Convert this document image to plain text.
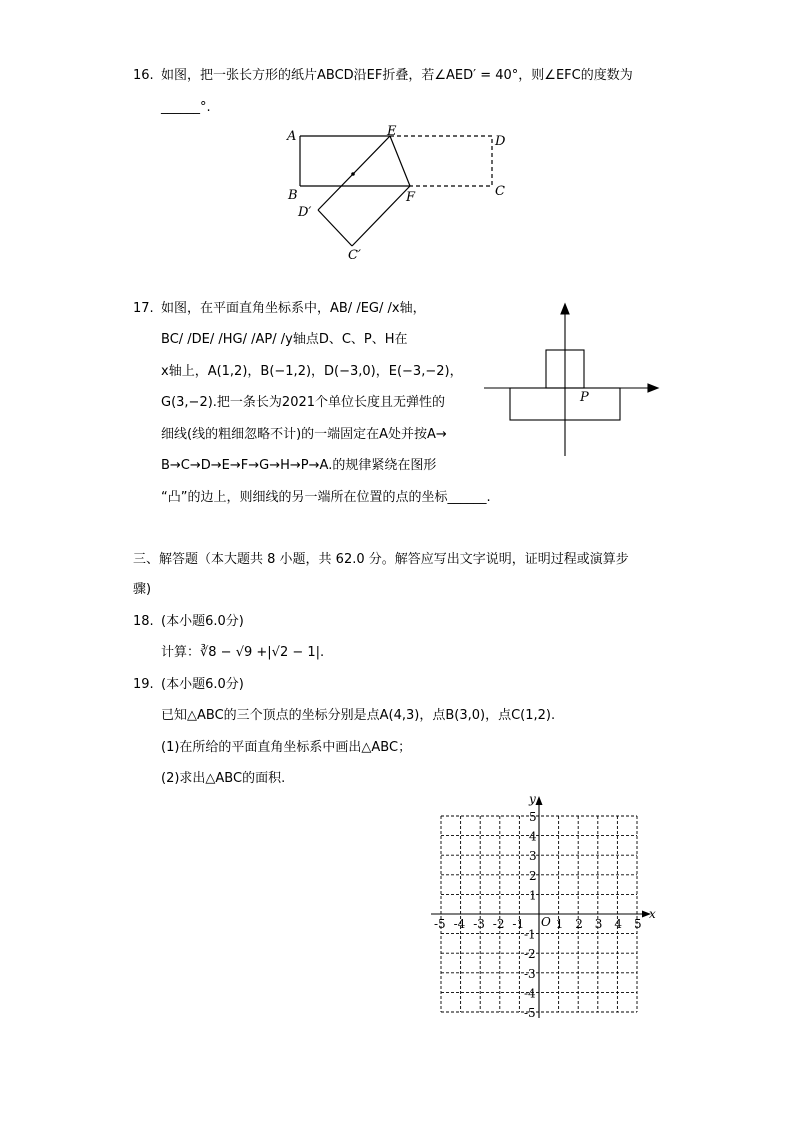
16. 如图，把一张长方形的纸片ABCD沿EF折叠，若∠AED′ = 40°，则∠EFC的度数为
______°.
A	E
D
B	F	C
D′
C′
17. 如图，在平面直角坐标系中，AB/ /EG/ /x轴，
BC/ /DE/ /HG/ /AP/ /y轴点D、C、P、H在
x轴上，A(1,2)，B(−1,2)，D(−3,0)，E(−3,−2)，
G(3,−2).把一条长为2021个单位长度且无弹性的
细线(线的粗细忽略不计)的一端固定在A处并按A→
B→C→D→E→F→G→H→P→A.的规律紧绕在图形
“凸”的边上，则细线的另一端所在位置的点的坐标______.
P
三、解答题（本大题共 8 小题，共 62.0 分。解答应写出文字说明，证明过程或演算步
骤)
18. (本小题6.0分)
计算：∛8 − √9 +|√2 − 1|.
19. (本小题6.0分)
已知△ABC的三个顶点的坐标分别是点A(4,3)，点B(3,0)，点C(1,2).
(1)在所给的平面直角坐标系中画出△ABC；
(2)求出△ABC的面积.
x
y
O
-5 -4 -3 -2 -1	1 2 3 4 5
5
4
3
2
1
-1
-2
-3
-4
-5
